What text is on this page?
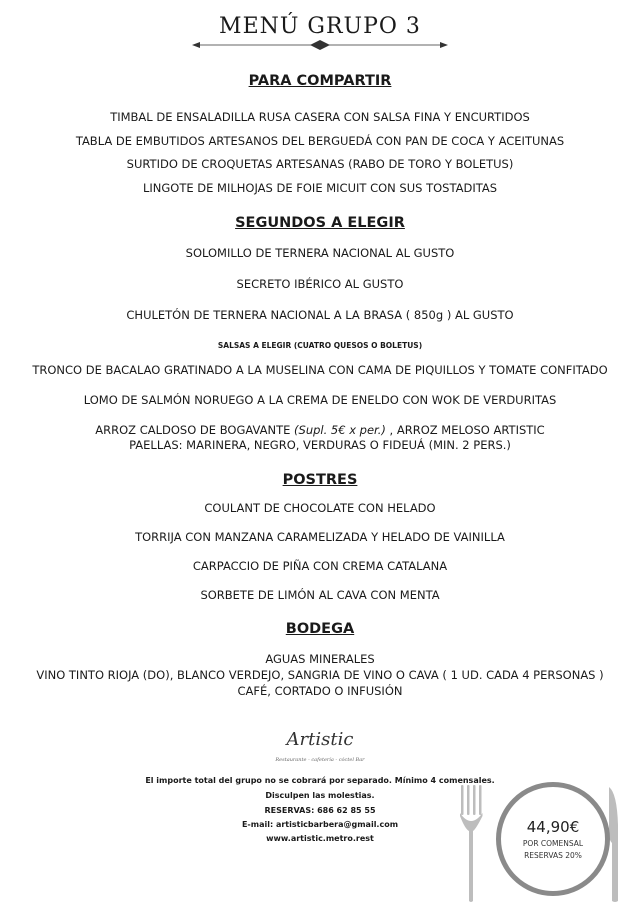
MENÚ GRUPO 3
PARA COMPARTIR
TIMBAL DE ENSALADILLA RUSA CASERA CON SALSA FINA Y ENCURTIDOS
TABLA DE EMBUTIDOS ARTESANOS DEL BERGUEDÁ CON PAN DE COCA Y ACEITUNAS
SURTIDO DE CROQUETAS ARTESANAS (RABO DE TORO Y BOLETUS)
LINGOTE DE MILHOJAS DE FOIE MICUIT CON SUS TOSTADITAS
SEGUNDOS A ELEGIR
SOLOMILLO DE TERNERA NACIONAL AL GUSTO
SECRETO IBÉRICO AL GUSTO
CHULETÓN DE TERNERA NACIONAL A LA BRASA ( 850g ) AL GUSTO
SALSAS A ELEGIR (CUATRO QUESOS O BOLETUS)
TRONCO DE BACALAO GRATINADO A LA MUSELINA CON CAMA DE PIQUILLOS Y TOMATE CONFITADO
LOMO DE SALMÓN NORUEGO A LA CREMA DE ENELDO CON WOK DE VERDURITAS
ARROZ CALDOSO DE BOGAVANTE (Supl. 5€ x per.) , ARROZ MELOSO ARTISTIC
PAELLAS: MARINERA, NEGRO, VERDURAS O FIDEUÁ (MIN. 2 PERS.)
POSTRES
COULANT DE CHOCOLATE CON HELADO
TORRIJA CON MANZANA CARAMELIZADA Y HELADO DE VAINILLA
CARPACCIO DE PIÑA CON CREMA CATALANA
SORBETE DE LIMÓN AL CAVA CON MENTA
BODEGA
AGUAS MINERALES
VINO TINTO RIOJA (DO), BLANCO VERDEJO, SANGRIA DE VINO O CAVA ( 1 UD. CADA 4 PERSONAS )
CAFÉ, CORTADO O INFUSIÓN
Artistic
Restaurante - cafetería - cóctel Bar
El importe total del grupo no se cobrará por separado. Mínimo 4 comensales.
Disculpen las molestias.
RESERVAS: 686 62 85 55
E-mail: artisticbarbera@gmail.com
www.artistic.metro.rest
44,90€
POR COMENSAL
RESERVAS 20%
